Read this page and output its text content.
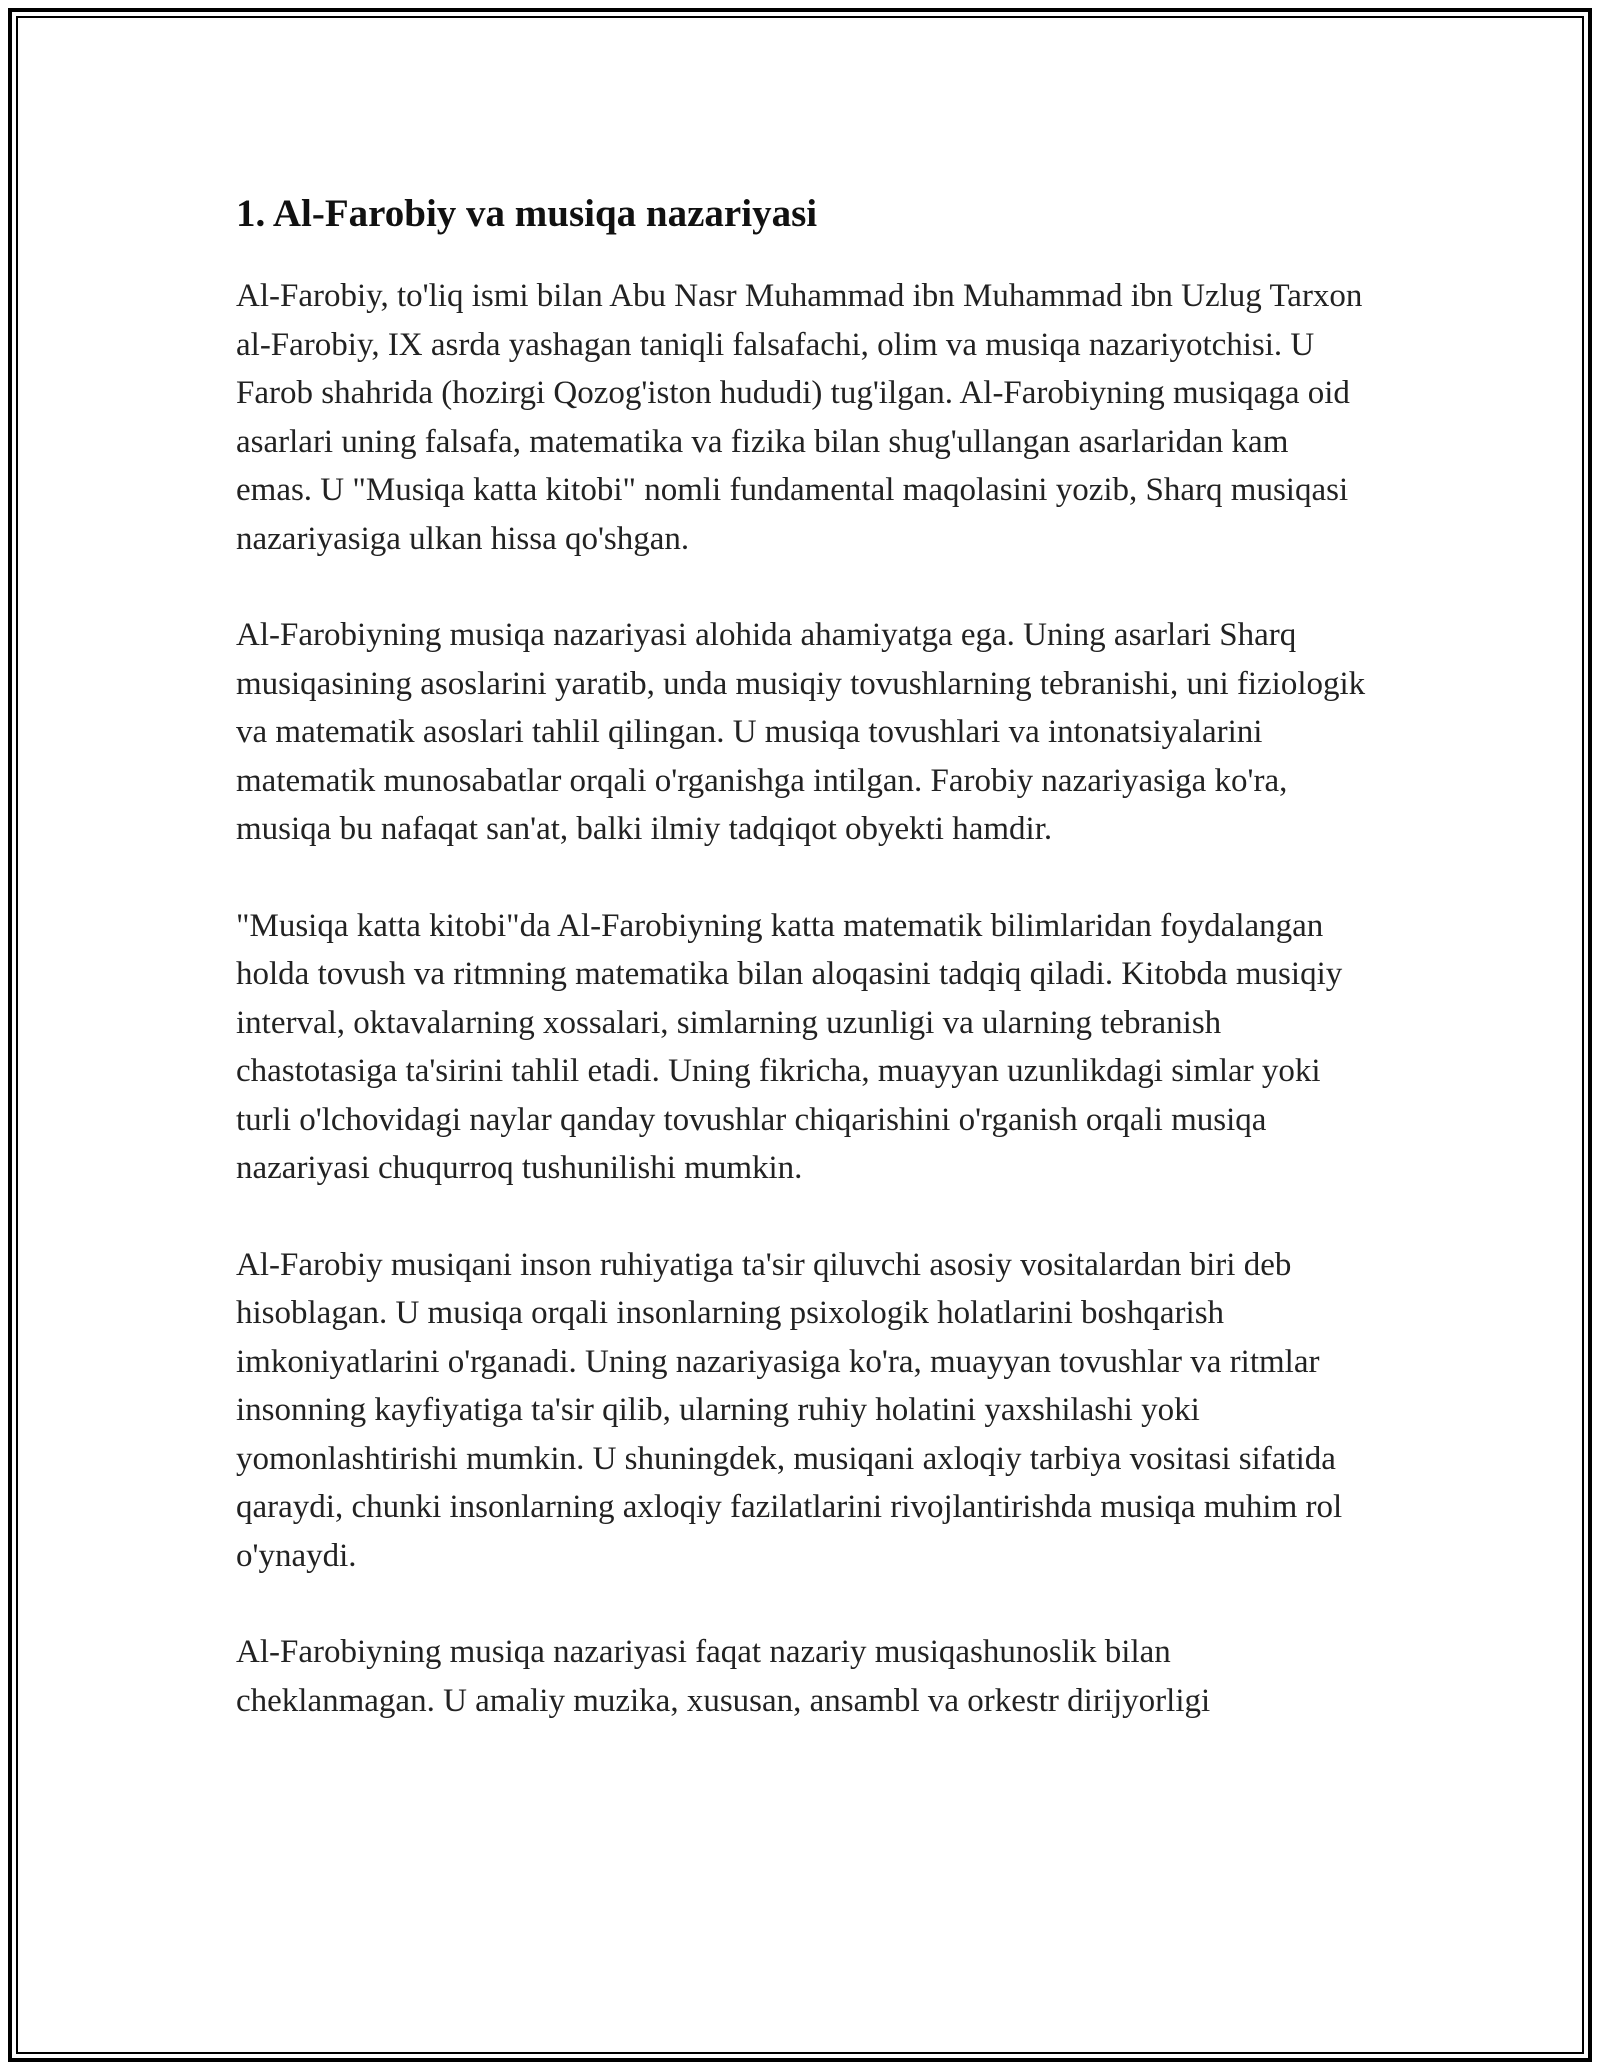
1. Al-Farobiy va musiqa nazariyasi

Al-Farobiy, to'liq ismi bilan Abu Nasr Muhammad ibn Muhammad ibn Uzlug Tarxon al-Farobiy, IX asrda yashagan taniqli falsafachi, olim va musiqa nazariyotchisi. U Farob shahrida (hozirgi Qozog'iston hududi) tug'ilgan. Al-Farobiyning musiqaga oid asarlari uning falsafa, matematika va fizika bilan shug'ullangan asarlaridan kam emas. U "Musiqa katta kitobi" nomli fundamental maqolasini yozib, Sharq musiqasi nazariyasiga ulkan hissa qo'shgan.

Al-Farobiyning musiqa nazariyasi alohida ahamiyatga ega. Uning asarlari Sharq musiqasining asoslarini yaratib, unda musiqiy tovushlarning tebranishi, uni fiziologik va matematik asoslari tahlil qilingan. U musiqa tovushlari va intonatsiyalarini matematik munosabatlar orqali o'rganishga intilgan. Farobiy nazariyasiga ko'ra, musiqa bu nafaqat san'at, balki ilmiy tadqiqot obyekti hamdir.

"Musiqa katta kitobi"da Al-Farobiyning katta matematik bilimlaridan foydalangan holda tovush va ritmning matematika bilan aloqasini tadqiq qiladi. Kitobda musiqiy interval, oktavalarning xossalari, simlarning uzunligi va ularning tebranish chastotasiga ta'sirini tahlil etadi. Uning fikricha, muayyan uzunlikdagi simlar yoki turli o'lchovidagi naylar qanday tovushlar chiqarishini o'rganish orqali musiqa nazariyasi chuqurroq tushunilishi mumkin.

Al-Farobiy musiqani inson ruhiyatiga ta'sir qiluvchi asosiy vositalardan biri deb hisoblagan. U musiqa orqali insonlarning psixologik holatlarini boshqarish imkoniyatlarini o'rganadi. Uning nazariyasiga ko'ra, muayyan tovushlar va ritmlar insonning kayfiyatiga ta'sir qilib, ularning ruhiy holatini yaxshilashi yoki yomonlashtirishi mumkin. U shuningdek, musiqani axloqiy tarbiya vositasi sifatida qaraydi, chunki insonlarning axloqiy fazilatlarini rivojlantirishda musiqa muhim rol o'ynaydi.

Al-Farobiyning musiqa nazariyasi faqat nazariy musiqashunoslik bilan cheklanmagan. U amaliy muzika, xususan, ansambl va orkestr dirijyorligi
